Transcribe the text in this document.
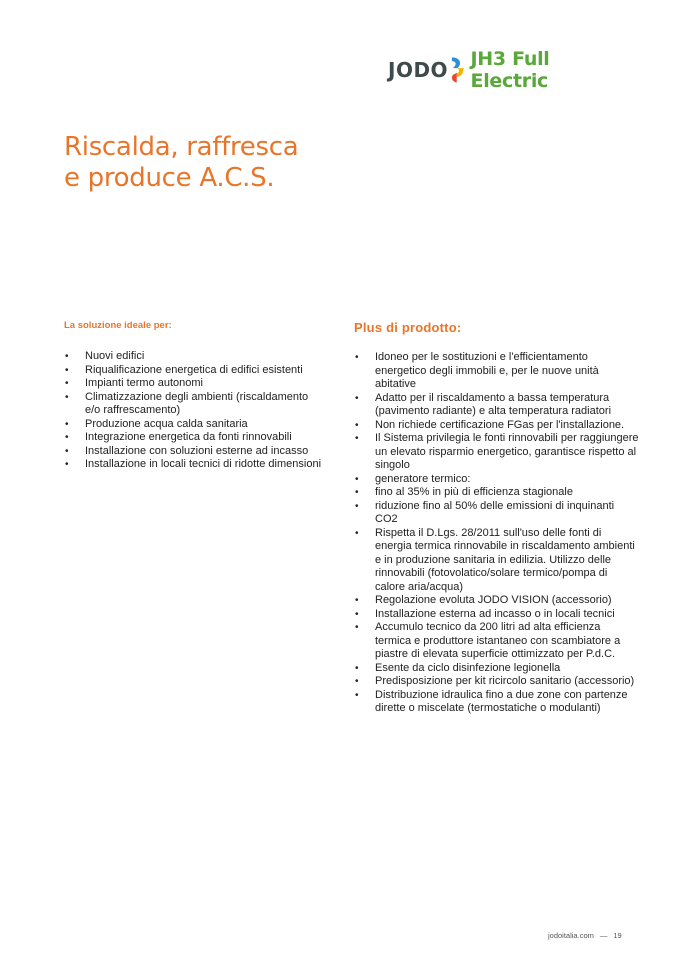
JODO JH3 Full Electric
Riscalda, raffresca
e produce A.C.S.
La soluzione ideale per:
• Nuovi edifici
• Riqualificazione energetica di edifici esistenti
• Impianti termo autonomi
• Climatizzazione degli ambienti (riscaldamento e/o raffrescamento)
• Produzione acqua calda sanitaria
• Integrazione energetica da fonti rinnovabili
• Installazione con soluzioni esterne ad incasso
• Installazione in locali tecnici di ridotte dimensioni
Plus di prodotto:
• Idoneo per le sostituzioni e l'efficientamento energetico degli immobili e, per le nuove unità abitative
• Adatto per il riscaldamento a bassa temperatura (pavimento radiante) e alta temperatura radiatori
• Non richiede certificazione FGas per l'installazione.
• Il Sistema privilegia le fonti rinnovabili per raggiungere un elevato risparmio energetico, garantisce rispetto al singolo
• generatore termico:
• fino al 35% in più di efficienza stagionale
• riduzione fino al 50% delle emissioni di inquinanti CO2
• Rispetta il D.Lgs. 28/2011 sull'uso delle fonti di energia termica rinnovabile in riscaldamento ambienti e in produzione sanitaria in edilizia. Utilizzo delle rinnovabili (fotovolatico/solare termico/pompa di calore aria/acqua)
• Regolazione evoluta JODO VISION (accessorio)
• Installazione esterna ad incasso o in locali tecnici
• Accumulo tecnico da 200 litri ad alta efficienza termica e produttore istantaneo con scambiatore a piastre di elevata superficie ottimizzato per P.d.C.
• Esente da ciclo disinfezione legionella
• Predisposizione per kit ricircolo sanitario (accessorio)
• Distribuzione idraulica fino a due zone con partenze dirette o miscelate (termostatiche o modulanti)
jodoitalia.com — 19
